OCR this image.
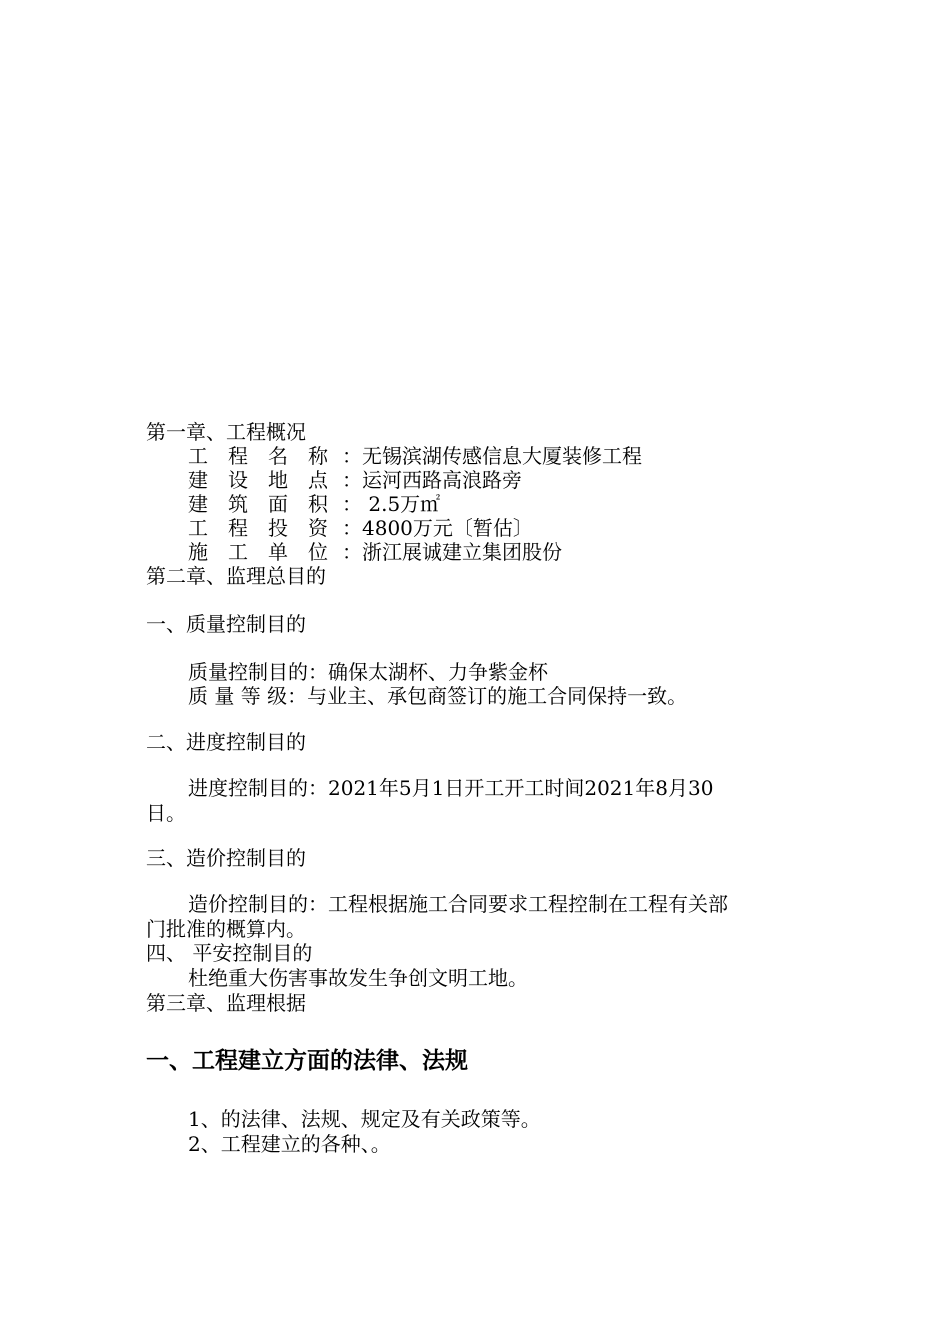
第一章、工程概况
工　程　名　称 ：无锡滨湖传感信息大厦装修工程
建　设　地　点 ：运河西路高浪路旁
建　筑　面　积 ： 2.5万㎡
工　程　投　资 ：4800万元〔暂估〕
施　工　单　位 ：浙江展诚建立集团股份
第二章、监理总目的
一、质量控制目的
质量控制目的：确保太湖杯、力争紫金杯
质 量 等 级：与业主、承包商签订的施工合同保持一致。
二、进度控制目的
进度控制目的：2021年5月1日开工开工时间2021年8月30
日。
三、造价控制目的
造价控制目的：工程根据施工合同要求工程控制在工程有关部
门批准的概算内。
四、 平安控制目的
杜绝重大伤害事故发生争创文明工地。
第三章、监理根据
一、工程建立方面的法律、法规
1、的法律、法规、规定及有关政策等。
2、工程建立的各种、。
